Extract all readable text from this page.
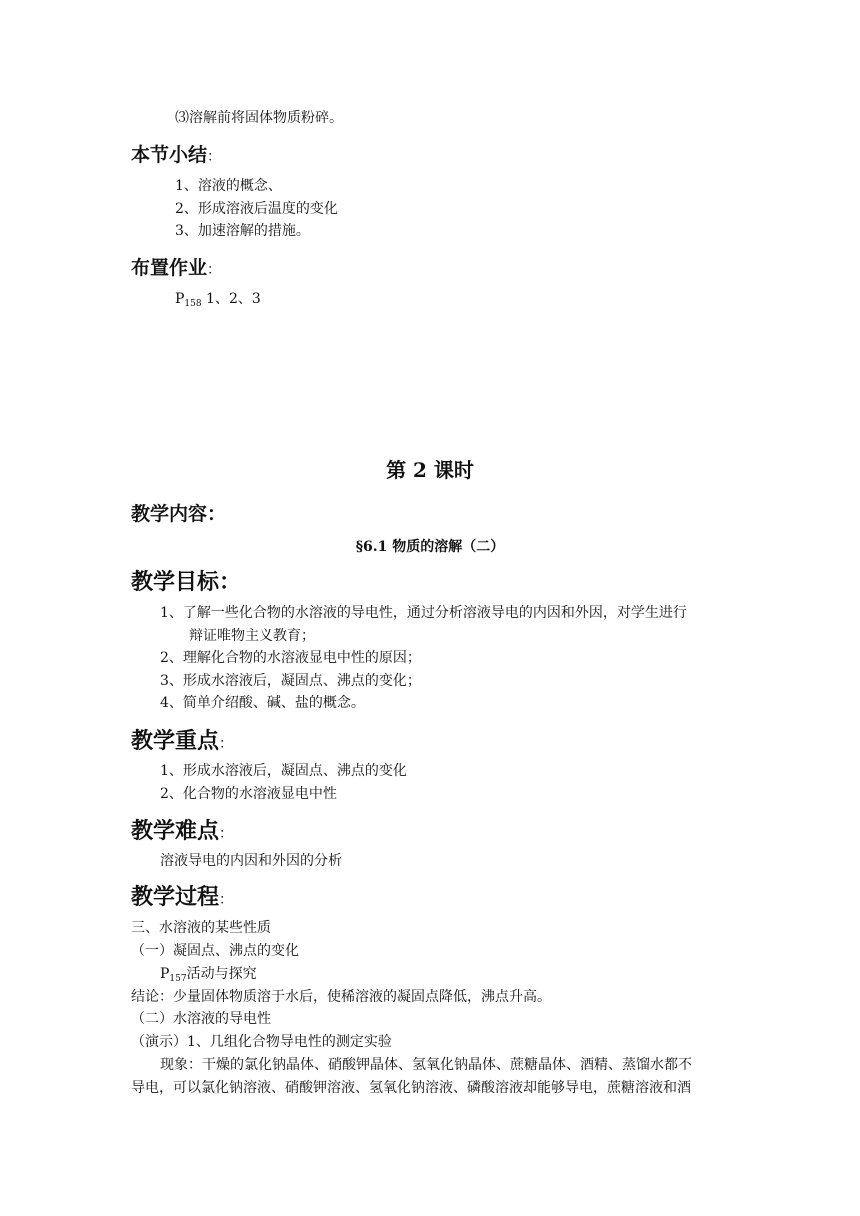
⑶溶解前将固体物质粉碎。
本节小结：
1、溶液的概念、
2、形成溶液后温度的变化
3、加速溶解的措施。
布置作业：
$P_{158}$ 1、2、3
第 2 课时
教学内容：
§6.1 物质的溶解（二）
教学目标：
1、了解一些化合物的水溶液的导电性，通过分析溶液导电的内因和外因，对学生进行
辩证唯物主义教育；
2、理解化合物的水溶液显电中性的原因；
3、形成水溶液后，凝固点、沸点的变化；
4、简单介绍酸、碱、盐的概念。
教学重点：
1、形成水溶液后，凝固点、沸点的变化
2、化合物的水溶液显电中性
教学难点：
溶液导电的内因和外因的分析
教学过程：
三、水溶液的某些性质
（一）凝固点、沸点的变化
$P_{157}$活动与探究
结论：少量固体物质溶于水后，使稀溶液的凝固点降低，沸点升高。
（二）水溶液的导电性
（演示）1、几组化合物导电性的测定实验
现象：干燥的氯化钠晶体、硝酸钾晶体、氢氧化钠晶体、蔗糖晶体、酒精、蒸馏水都不
导电，可以氯化钠溶液、硝酸钾溶液、氢氧化钠溶液、磷酸溶液却能够导电，蔗糖溶液和酒
